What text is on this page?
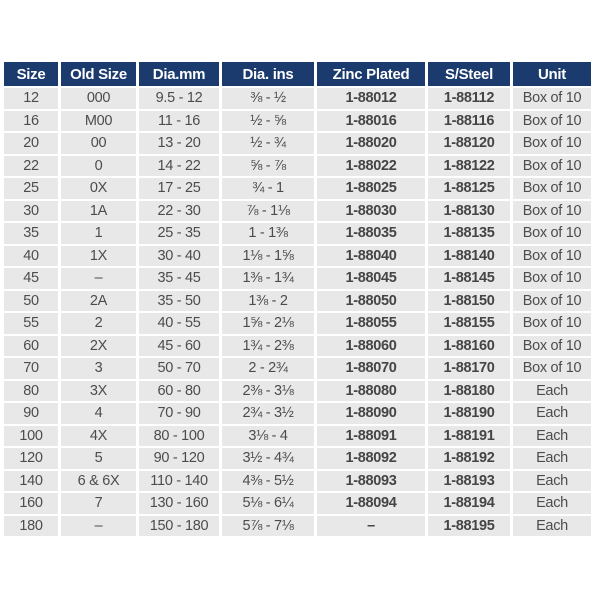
Size	Old Size	Dia.mm	Dia. ins	Zinc Plated	S/Steel	Unit
12	000	9.5 - 12	⅜ - ½	1-88012	1-88112	Box of 10
16	M00	11 - 16	½ - ⅝	1-88016	1-88116	Box of 10
20	00	13 - 20	½ - ¾	1-88020	1-88120	Box of 10
22	0	14 - 22	⅝ - ⅞	1-88022	1-88122	Box of 10
25	0X	17 - 25	¾ - 1	1-88025	1-88125	Box of 10
30	1A	22 - 30	⅞ - 1⅛	1-88030	1-88130	Box of 10
35	1	25 - 35	1 - 1⅜	1-88035	1-88135	Box of 10
40	1X	30 - 40	1⅛ - 1⅝	1-88040	1-88140	Box of 10
45	–	35 - 45	1⅜ - 1¾	1-88045	1-88145	Box of 10
50	2A	35 - 50	1⅜ - 2	1-88050	1-88150	Box of 10
55	2	40 - 55	1⅝ - 2⅛	1-88055	1-88155	Box of 10
60	2X	45 - 60	1¾ - 2⅜	1-88060	1-88160	Box of 10
70	3	50 - 70	2 - 2¾	1-88070	1-88170	Box of 10
80	3X	60 - 80	2⅜ - 3⅛	1-88080	1-88180	Each
90	4	70 - 90	2¾ - 3½	1-88090	1-88190	Each
100	4X	80 - 100	3⅛ - 4	1-88091	1-88191	Each
120	5	90 - 120	3½ - 4¾	1-88092	1-88192	Each
140	6 & 6X	110 - 140	4⅜ - 5½	1-88093	1-88193	Each
160	7	130 - 160	5⅛ - 6¼	1-88094	1-88194	Each
180	–	150 - 180	5⅞ - 7⅛	–	1-88195	Each
